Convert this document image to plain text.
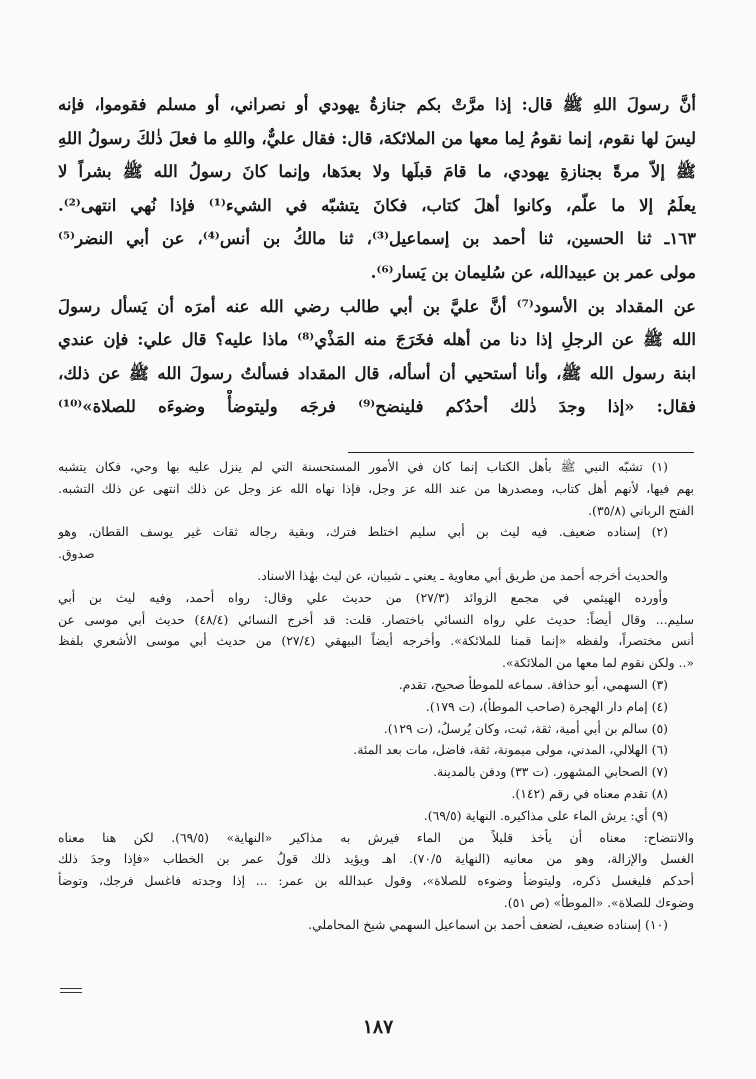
أنَّ رسولَ اللهِ ﷺ قال: إذا مرَّتْ بكم جنازةُ يهودي أو نصراني، أو مسلم فقوموا، فإنه
ليسَ لها نقوم، إنما نقومُ لِما معها من الملائكة، قال: فقال عليٌّ، واللهِ ما فعلَ ذٰلكَ رسولُ اللهِ
ﷺ إلاّ مرةً بجنازةِ يهودي، ما قامَ قبلَها ولا بعدَها، وإنما كانَ رسولُ الله ﷺ بشراً لا
يعلَمُ إلا ما علّم، وكانوا أهلَ كتاب، فكانَ يتشبّه في الشيء⁽¹⁾ فإذا نُهي انتهى⁽²⁾.
١٦٣ـ ثنا الحسين، ثنا أحمد بن إسماعيل⁽³⁾، ثنا مالكُ بن أنس⁽⁴⁾، عن أبي النضر⁽⁵⁾
مولى عمر بن عبيدالله، عن سُليمان بن يَسار⁽⁶⁾.
عن المقداد بن الأسود⁽⁷⁾ أنَّ عليَّ بن أبي طالب رضي الله عنه أمرَه أن يَسأل رسولَ
الله ﷺ عن الرجلِ إذا دنا من أهله فخَرَجَ منه المَذْي⁽⁸⁾ ماذا عليه؟ قال علي: فإن عندي
ابنة رسول الله ﷺ، وأنا أستحيي أن أسأله، قال المقداد فسألتُ رسولَ الله ﷺ عن ذلك،
فقال: «إذا وجدَ ذٰلك أحدُكم فلينضح⁽⁹⁾ فرجَه وليتوضأْ وضوءَه للصلاة»⁽¹⁰⁾
(١) تشبّه النبي ﷺ بأهل الكتاب إنما كان في الأمور المستحسنة التي لم ينزل عليه بها وحي، فكان يتشبه
بهم فيها، لأنهم أهل كتاب، ومصدرها من عند الله عز وجل، فإذا نهاه الله عز وجل عن ذلك انتهى عن ذلك التشبه.
الفتح الرباني (٣٥/٨).
(٢) إسناده ضعيف. فيه ليث بن أبي سليم اختلط فترك، وبقية رجاله ثقات غير يوسف القطان، وهو
صدوق.
والحديث أخرجه أحمد من طريق أبي معاوية ـ يعني ـ شيبان، عن ليث بهٰذا الاسناد.
وأورده الهيثمي في مجمع الزوائد (٢٧/٣) من حديث علي وقال: رواه أحمد، وفيه ليث بن أبي
سليم... وقال أيضاً: حديث علي رواه النسائي باختصار. قلت: قد أخرج النسائي (٤٨/٤) حديث أبي موسى عن
أنس مختصراً، ولفظه «إنما قمنا للملائكة». وأخرجه أيضاً البيهقي (٢٧/٤) من حديث أبي موسى الأشعري بلفظ
«.. ولكن نقوم لما معها من الملائكة».
(٣) السهمي، أبو حذافة. سماعه للموطأ صحيح، تقدم.
(٤) إمام دار الهجرة (صاحب الموطأ)، (ت ١٧٩).
(٥) سالم بن أبي أمية، ثقة، ثبت، وكان يُرسلُ، (ت ١٢٩).
(٦) الهلالي، المدني، مولى ميمونة، ثقة، فاضل، مات بعد المئة.
(٧) الصحابي المشهور. (ت ٣٣) ودفن بالمدينة.
(٨) تقدم معناه في رقم (١٤٢).
(٩) أي: يرش الماء على مذاكيره. النهاية (٦٩/٥).
والانتضاح: معناه أن يأخذ قليلاً من الماء فيرش به مذاكير «النهاية» (٦٩/٥). لكن هنا معناه
الغسل والإزالة، وهو من معانيه (النهاية ٧٠/٥). اهـ ويؤيد ذلك قولُ عمر بن الخطاب «فإذا وجدَ ذلك
أحدكم فليغسل ذكره، وليتوضأ وضوءه للصلاة»، وقول عبدالله بن عمر: ... إذا وجدته فاغسل فرجك، وتوضأ
وضوءك للصلاة». «الموطأ» (ص ٥١).
(١٠) إسناده ضعيف، لضعف أحمد بن اسماعيل السهمي شيخ المحاملي.
١٨٧
